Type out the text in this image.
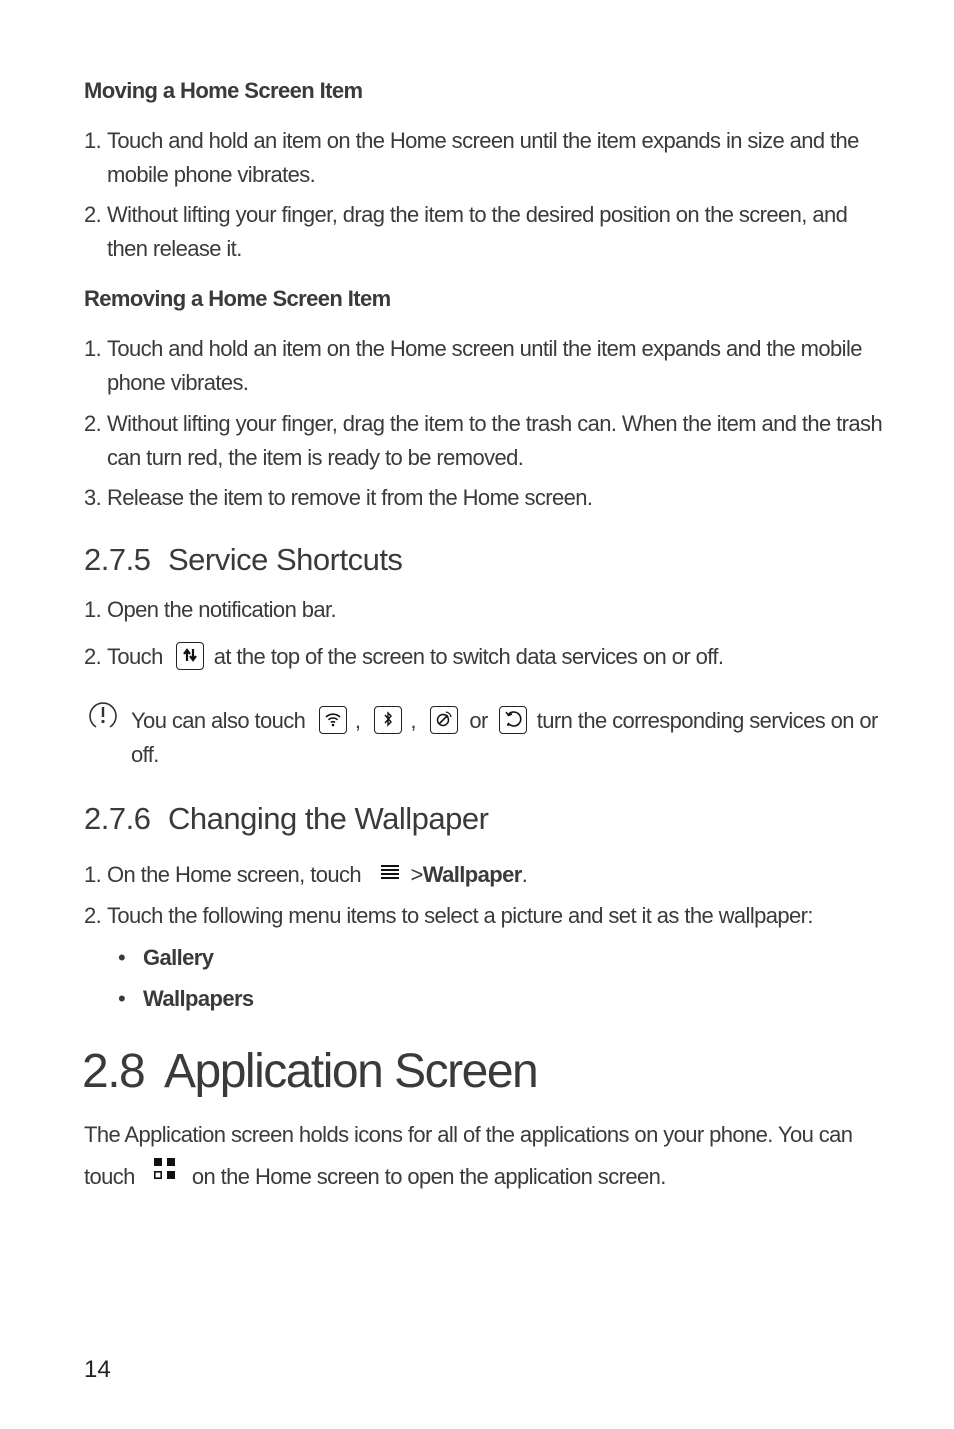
Moving a Home Screen Item
1. Touch and hold an item on the Home screen until the item expands in size and the mobile phone vibrates.
2. Without lifting your finger, drag the item to the desired position on the screen, and then release it.
Removing a Home Screen Item
1. Touch and hold an item on the Home screen until the item expands and the mobile phone vibrates.
2. Without lifting your finger, drag the item to the trash can. When the item and the trash can turn red, the item is ready to be removed.
3. Release the item to remove it from the Home screen.
2.7.5 Service Shortcuts
1. Open the notification bar.
2. Touch at the top of the screen to switch data services on or off.
You can also touch , , or turn the corresponding services on or off.
2.7.6 Changing the Wallpaper
1. On the Home screen, touch >Wallpaper.
2. Touch the following menu items to select a picture and set it as the wallpaper:
• Gallery
• Wallpapers
2.8 Application Screen
The Application screen holds icons for all of the applications on your phone. You can
touch	on the Home screen to open the application screen.
14
